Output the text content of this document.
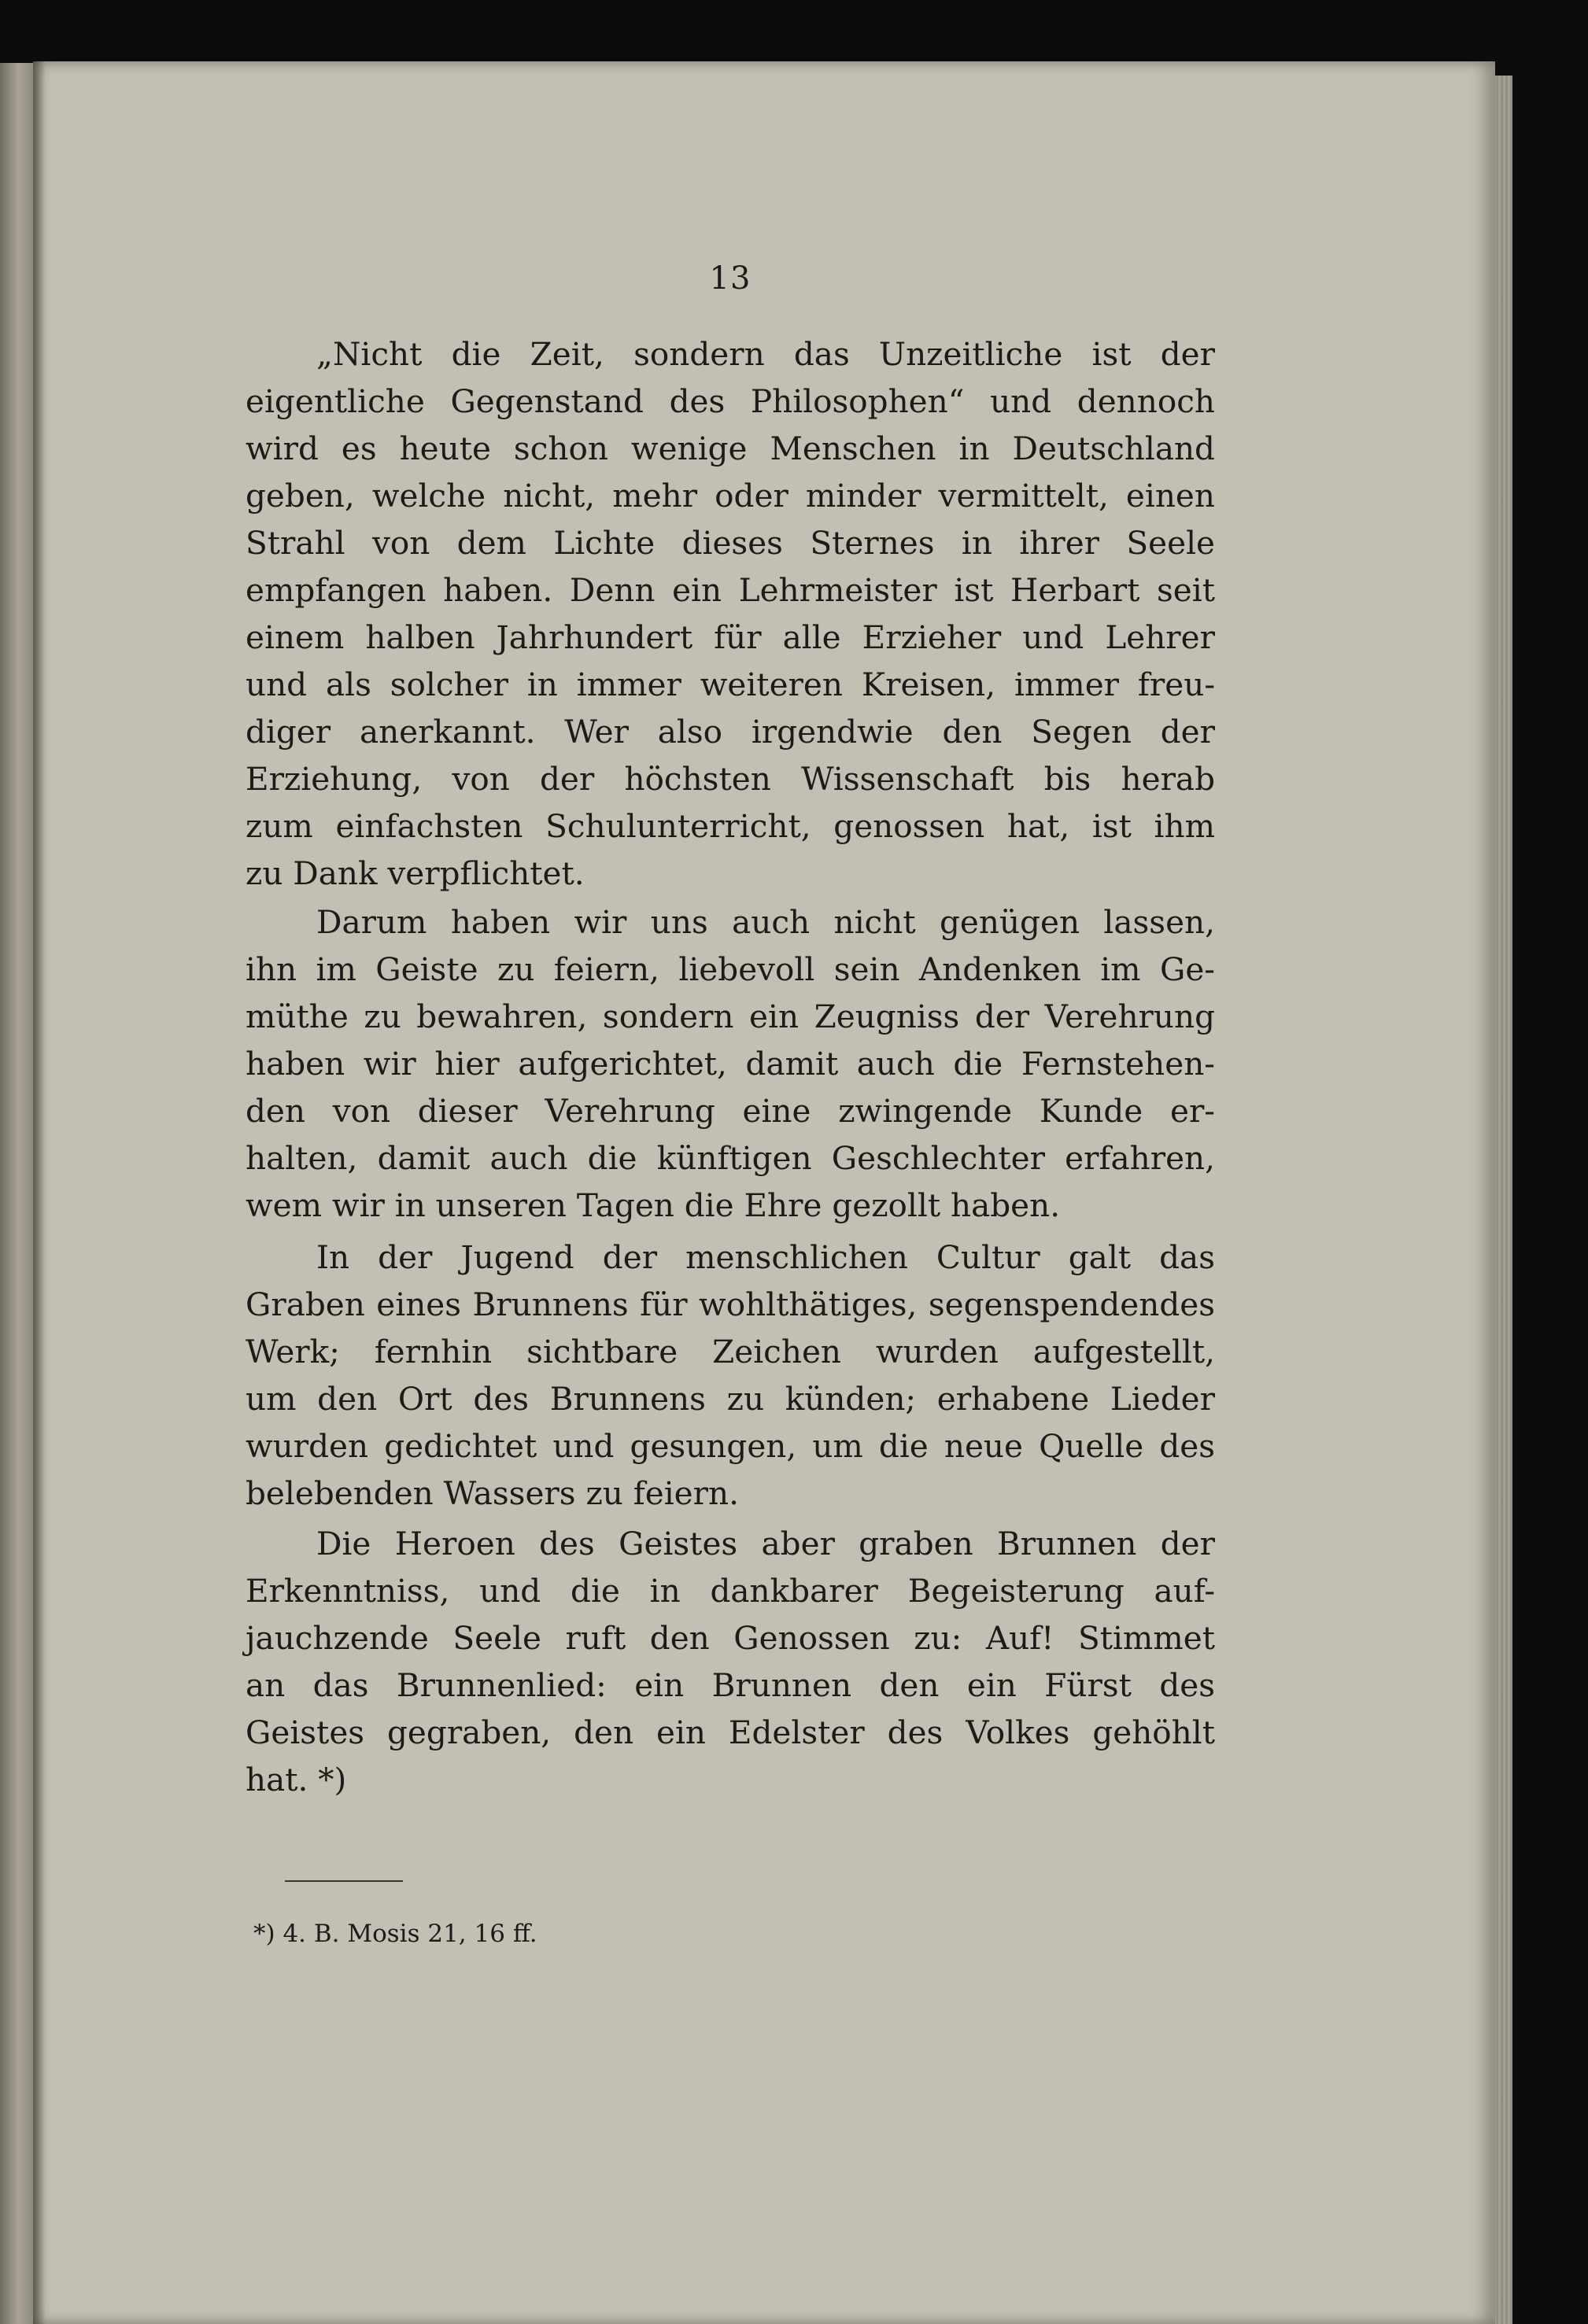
13
„Nicht die Zeit, sondern das Unzeitliche ist der
eigentliche Gegenstand des Philosophen“ und dennoch
wird es heute schon wenige Menschen in Deutschland
geben, welche nicht, mehr oder minder vermittelt, einen
Strahl von dem Lichte dieses Sternes in ihrer Seele
empfangen haben. Denn ein Lehrmeister ist Herbart seit
einem halben Jahrhundert für alle Erzieher und Lehrer
und als solcher in immer weiteren Kreisen, immer freu-
diger anerkannt. Wer also irgendwie den Segen der
Erziehung, von der höchsten Wissenschaft bis herab
zum einfachsten Schulunterricht, genossen hat, ist ihm
zu Dank verpflichtet.
Darum haben wir uns auch nicht genügen lassen,
ihn im Geiste zu feiern, liebevoll sein Andenken im Ge-
müthe zu bewahren, sondern ein Zeugniss der Verehrung
haben wir hier aufgerichtet, damit auch die Fernstehen-
den von dieser Verehrung eine zwingende Kunde er-
halten, damit auch die künftigen Geschlechter erfahren,
wem wir in unseren Tagen die Ehre gezollt haben.
In der Jugend der menschlichen Cultur galt das
Graben eines Brunnens für wohlthätiges, segenspendendes
Werk; fernhin sichtbare Zeichen wurden aufgestellt,
um den Ort des Brunnens zu künden; erhabene Lieder
wurden gedichtet und gesungen, um die neue Quelle des
belebenden Wassers zu feiern.
Die Heroen des Geistes aber graben Brunnen der
Erkenntniss, und die in dankbarer Begeisterung auf-
jauchzende Seele ruft den Genossen zu: Auf! Stimmet
an das Brunnenlied: ein Brunnen den ein Fürst des
Geistes gegraben, den ein Edelster des Volkes gehöhlt
hat. *)
*) 4. B. Mosis 21, 16 ff.
